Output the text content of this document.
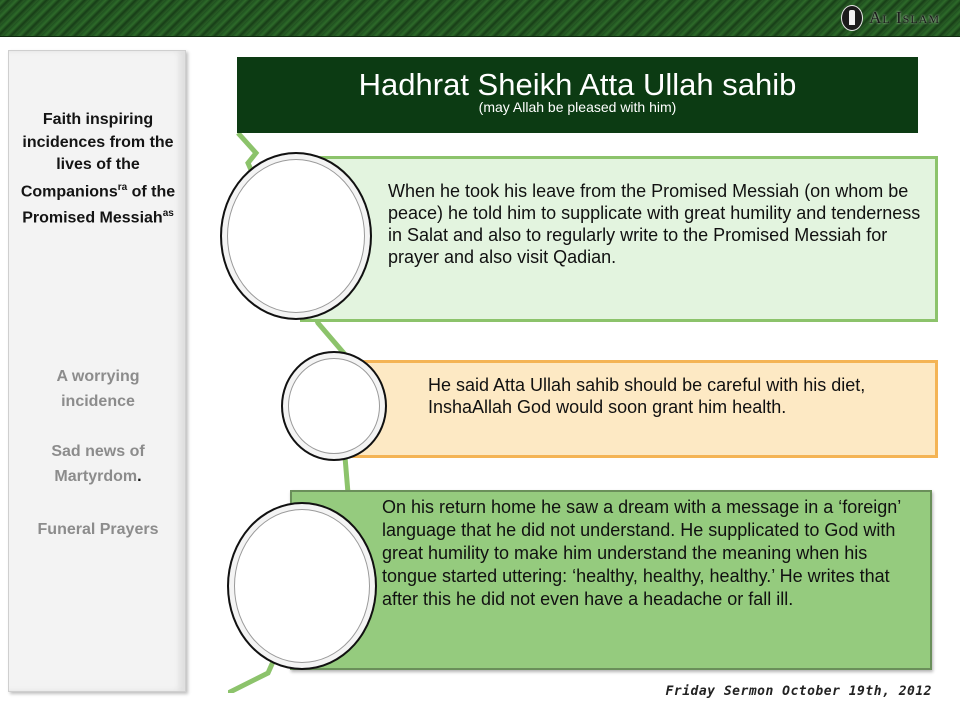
Al Islam
Faith inspiring incidences from the lives of the Companions$^{ra}$ of the Promised Messiah$^{as}$
A worrying incidence
Sad news of Martyrdom.
Funeral Prayers
Hadhrat Sheikh Atta Ullah sahib
(may Allah be pleased with him)
When he took his leave from the Promised Messiah (on whom be peace) he told him to supplicate with great humility and tenderness in Salat and also to regularly write to the Promised Messiah for prayer and also visit Qadian.
He said Atta Ullah sahib should be careful with his diet, InshaAllah God would soon grant him health.
On his return home he saw a dream with a message in a ‘foreign’ language that he did not understand. He supplicated to God with great humility to make him understand the meaning when his tongue started uttering: ‘healthy, healthy, healthy.’ He writes that after this he did not even have a headache or fall ill.
Friday Sermon October 19th, 2012
